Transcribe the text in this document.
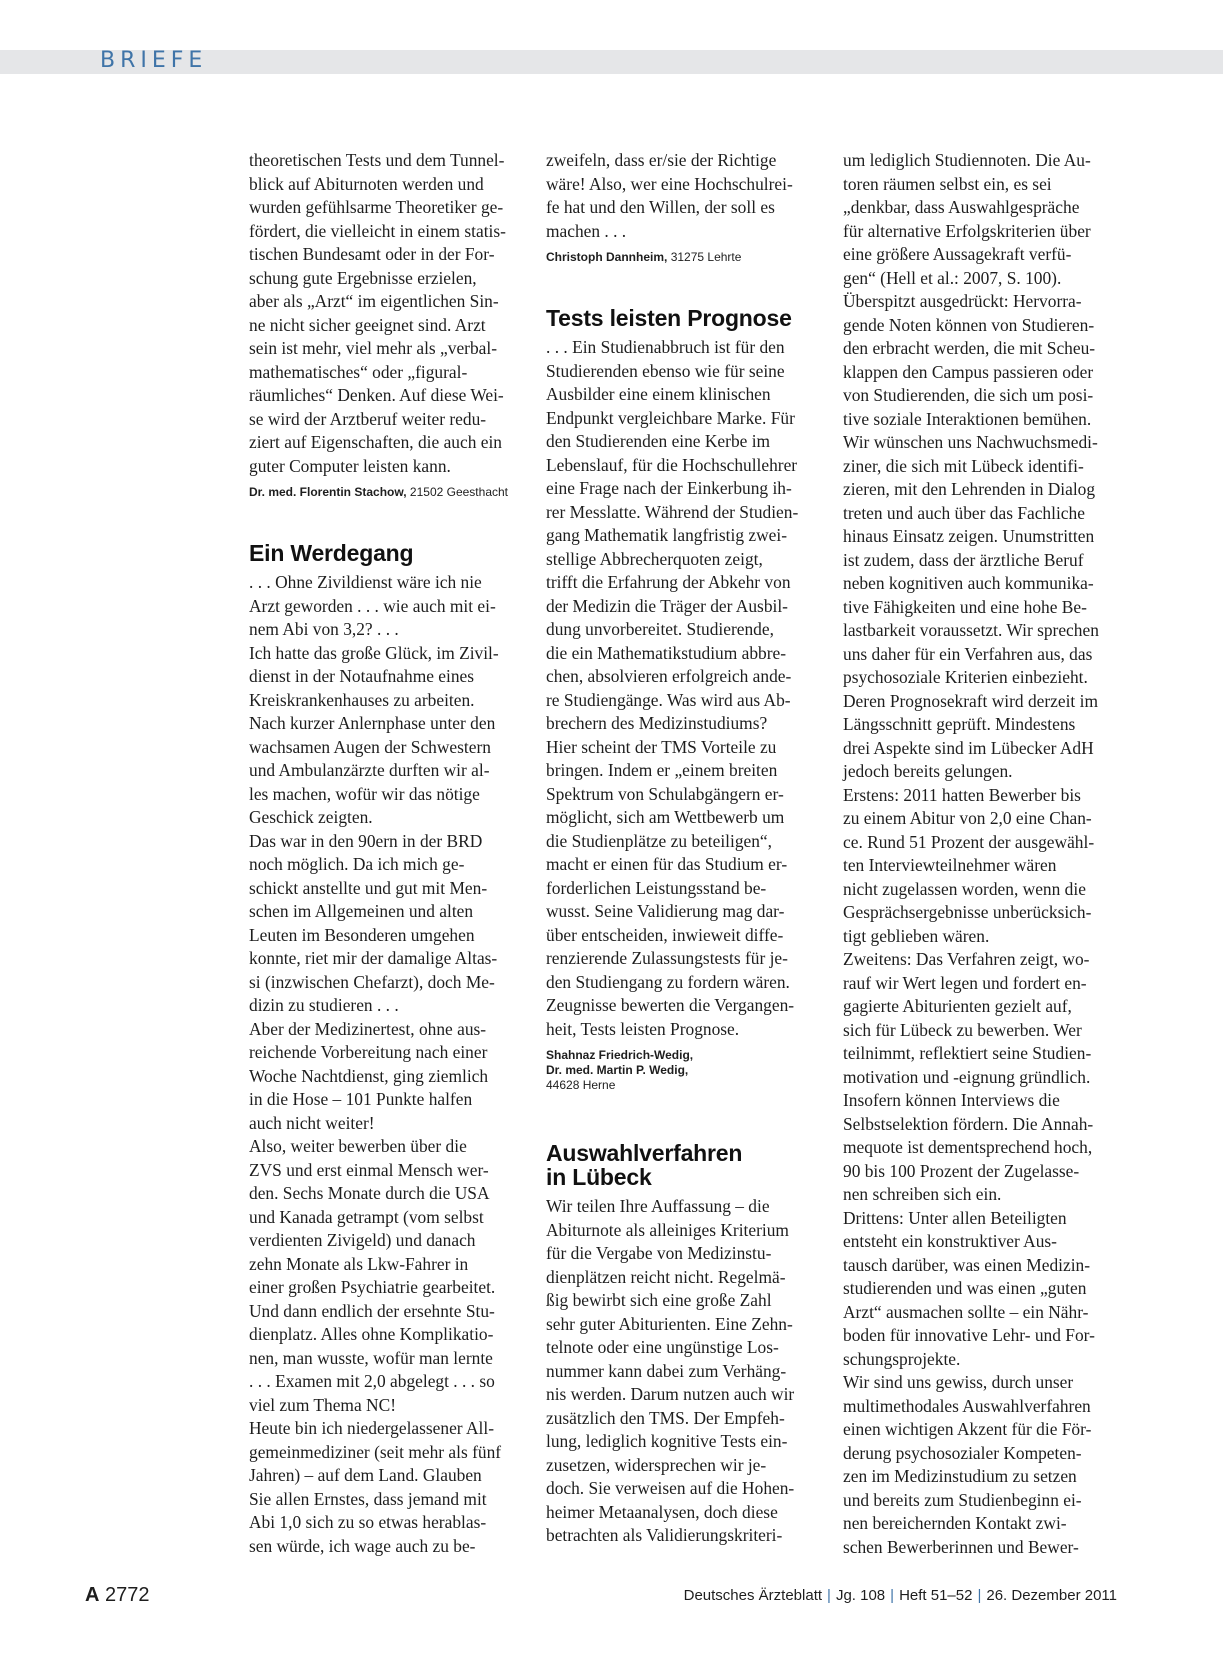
BRIEFE

theoretischen Tests und dem Tunnel-
blick auf Abiturnoten werden und
wurden gefühlsarme Theoretiker ge-
fördert, die vielleicht in einem statis-
tischen Bundesamt oder in der For-
schung gute Ergebnisse erzielen,
aber als „Arzt“ im eigentlichen Sin-
ne nicht sicher geeignet sind. Arzt
sein ist mehr, viel mehr als „verbal-
mathematisches“ oder „figural-
räumliches“ Denken. Auf diese Wei-
se wird der Arztberuf weiter redu-
ziert auf Eigenschaften, die auch ein
guter Computer leisten kann.

Dr. med. Florentin Stachow, 21502 Geesthacht
Ein Werdegang

. . . Ohne Zivildienst wäre ich nie
Arzt geworden . . . wie auch mit ei-
nem Abi von 3,2? . . .
Ich hatte das große Glück, im Zivil-
dienst in der Notaufnahme eines
Kreiskrankenhauses zu arbeiten.
Nach kurzer Anlernphase unter den
wachsamen Augen der Schwestern
und Ambulanzärzte durften wir al-
les machen, wofür wir das nötige
Geschick zeigten.
Das war in den 90ern in der BRD
noch möglich. Da ich mich ge-
schickt anstellte und gut mit Men-
schen im Allgemeinen und alten
Leuten im Besonderen umgehen
konnte, riet mir der damalige Altas-
si (inzwischen Chefarzt), doch Me-
dizin zu studieren . . .
Aber der Medizinertest, ohne aus-
reichende Vorbereitung nach einer
Woche Nachtdienst, ging ziemlich
in die Hose – 101 Punkte halfen
auch nicht weiter!
Also, weiter bewerben über die
ZVS und erst einmal Mensch wer-
den. Sechs Monate durch die USA
und Kanada getrampt (vom selbst
verdienten Zivigeld) und danach
zehn Monate als Lkw-Fahrer in
einer großen Psychiatrie gearbeitet.
Und dann endlich der ersehnte Stu-
dienplatz. Alles ohne Komplikatio-
nen, man wusste, wofür man lernte
. . . Examen mit 2,0 abgelegt . . . so
viel zum Thema NC!
Heute bin ich niedergelassener All-
gemeinmediziner (seit mehr als fünf
Jahren) – auf dem Land. Glauben
Sie allen Ernstes, dass jemand mit
Abi 1,0 sich zu so etwas herablas-
sen würde, ich wage auch zu be-

zweifeln, dass er/sie der Richtige
wäre! Also, wer eine Hochschulrei-
fe hat und den Willen, der soll es
machen . . .

Christoph Dannheim, 31275 Lehrte
Tests leisten Prognose

. . . Ein Studienabbruch ist für den
Studierenden ebenso wie für seine
Ausbilder eine einem klinischen
Endpunkt vergleichbare Marke. Für
den Studierenden eine Kerbe im
Lebenslauf, für die Hochschullehrer
eine Frage nach der Einkerbung ih-
rer Messlatte. Während der Studien-
gang Mathematik langfristig zwei-
stellige Abbrecherquoten zeigt,
trifft die Erfahrung der Abkehr von
der Medizin die Träger der Ausbil-
dung unvorbereitet. Studierende,
die ein Mathematikstudium abbre-
chen, absolvieren erfolgreich ande-
re Studiengänge. Was wird aus Ab-
brechern des Medizinstudiums?
Hier scheint der TMS Vorteile zu
bringen. Indem er „einem breiten
Spektrum von Schulabgängern er-
möglicht, sich am Wettbewerb um
die Studienplätze zu beteiligen“,
macht er einen für das Studium er-
forderlichen Leistungsstand be-
wusst. Seine Validierung mag dar-
über entscheiden, inwieweit diffe-
renzierende Zulassungstests für je-
den Studiengang zu fordern wären.
Zeugnisse bewerten die Vergangen-
heit, Tests leisten Prognose.

Shahnaz Friedrich-Wedig,
Dr. med. Martin P. Wedig,
44628 Herne
Auswahlverfahren
in Lübeck

Wir teilen Ihre Auffassung – die
Abiturnote als alleiniges Kriterium
für die Vergabe von Medizinstu-
dienplätzen reicht nicht. Regelmä-
ßig bewirbt sich eine große Zahl
sehr guter Abiturienten. Eine Zehn-
telnote oder eine ungünstige Los-
nummer kann dabei zum Verhäng-
nis werden. Darum nutzen auch wir
zusätzlich den TMS. Der Empfeh-
lung, lediglich kognitive Tests ein-
zusetzen, widersprechen wir je-
doch. Sie verweisen auf die Hohen-
heimer Metaanalysen, doch diese
betrachten als Validierungskriteri-

um lediglich Studiennoten. Die Au-
toren räumen selbst ein, es sei
„denkbar, dass Auswahlgespräche
für alternative Erfolgskriterien über
eine größere Aussagekraft verfü-
gen“ (Hell et al.: 2007, S. 100).
Überspitzt ausgedrückt: Hervorra-
gende Noten können von Studieren-
den erbracht werden, die mit Scheu-
klappen den Campus passieren oder
von Studierenden, die sich um posi-
tive soziale Interaktionen bemühen.
Wir wünschen uns Nachwuchsmedi-
ziner, die sich mit Lübeck identifi-
zieren, mit den Lehrenden in Dialog
treten und auch über das Fachliche
hinaus Einsatz zeigen. Unumstritten
ist zudem, dass der ärztliche Beruf
neben kognitiven auch kommunika-
tive Fähigkeiten und eine hohe Be-
lastbarkeit voraussetzt. Wir sprechen
uns daher für ein Verfahren aus, das
psychosoziale Kriterien einbezieht.
Deren Prognosekraft wird derzeit im
Längsschnitt geprüft. Mindestens
drei Aspekte sind im Lübecker AdH
jedoch bereits gelungen.
Erstens: 2011 hatten Bewerber bis
zu einem Abitur von 2,0 eine Chan-
ce. Rund 51 Prozent der ausgewähl-
ten Interviewteilnehmer wären
nicht zugelassen worden, wenn die
Gesprächsergebnisse unberücksich-
tigt geblieben wären.
Zweitens: Das Verfahren zeigt, wo-
rauf wir Wert legen und fordert en-
gagierte Abiturienten gezielt auf,
sich für Lübeck zu bewerben. Wer
teilnimmt, reflektiert seine Studien-
motivation und -eignung gründlich.
Insofern können Interviews die
Selbstselektion fördern. Die Annah-
mequote ist dementsprechend hoch,
90 bis 100 Prozent der Zugelasse-
nen schreiben sich ein.
Drittens: Unter allen Beteiligten
entsteht ein konstruktiver Aus-
tausch darüber, was einen Medizin-
studierenden und was einen „guten
Arzt“ ausmachen sollte – ein Nähr-
boden für innovative Lehr- und For-
schungsprojekte.
Wir sind uns gewiss, durch unser
multimethodales Auswahlverfahren
einen wichtigen Akzent für die För-
derung psychosozialer Kompeten-
zen im Medizinstudium zu setzen
und bereits zum Studienbeginn ei-
nen bereichernden Kontakt zwi-
schen Bewerberinnen und Bewer-

A 2772	Deutsches Ärzteblatt | Jg. 108 | Heft 51–52 | 26. Dezember 2011
